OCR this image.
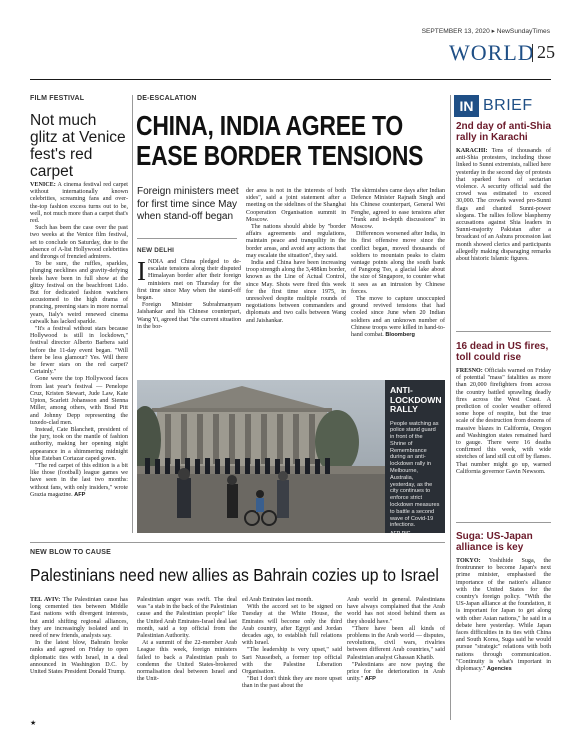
SEPTEMBER 13, 2020 ▸ NewSundayTimes
WORLD 25
FILM FESTIVAL
Not much glitz at Venice fest's red carpet

VENICE: A cinema festival red carpet without internationally known celebrities, screaming fans and over-the-top fashion excess turns out to be, well, not much more than a carpet that's red.

Such has been the case over the past two weeks at the Venice film festival, set to conclude on Saturday, due to the absence of A-list Hollywood celebrities and throngs of frenzied admirers.

To be sure, the ruffles, sparkles, plunging necklines and gravity-defying heels have been in full show at the glitzy festival on the beachfront Lido. But for dedicated fashion watchers accustomed to the high drama of prancing, preening stars in more normal years, Italy's weird renewed cinema catwalk has lacked sparkle.

"It's a festival without stars because Hollywood is still in lockdown," festival director Alberto Barbera said before the 11-day event began. "Will there be less glamour? Yes. Will there be fewer stars on the red carpet? Certainly."

Gone were the top Hollywood faces from last year's festival — Penelope Cruz, Kristen Stewart, Jude Law, Kate Upton, Scarlett Johansson and Sienna Miller, among others, with Brad Pitt and Johnny Depp representing the tuxedo-clad men.

Instead, Cate Blanchett, president of the jury, took on the mantle of fashion authority, making her opening night appearance in a shimmering midnight blue Esteban Cortazar caped gown.

"The red carpet of this edition is a bit like those (football) league games we have seen in the last two months: without fans, with only insiders," wrote Grazia magazine. AFP

DE-ESCALATION
CHINA, INDIA AGREE TO
EASE BORDER TENSIONS
Foreign ministers meet for first time since May when stand-off began
NEW DELHI

INDIA and China pledged to de-escalate tensions along their disputed Himalayan border after their foreign ministers met on Thursday for the first time since May when the stand-off began.

Foreign Minister Subrahmanyam Jaishankar and his Chinese counterpart, Wang Yi, agreed that "the current situation in the bor-

der area is not in the interests of both sides", said a joint statement after a meeting on the sidelines of the Shanghai Cooperation Organisation summit in Moscow.

The nations should abide by "border affairs agreements and regulations, maintain peace and tranquility in the border areas, and avoid any actions that may escalate the situation", they said.

India and China have been increasing troop strength along the 3,488km border, known as the Line of Actual Control, since May. Shots were fired this week for the first time since 1975, in unresolved despite multiple rounds of negotiations between commanders and diplomats and two calls between Wang and Jaishankar.

The skirmishes came days after Indian Defence Minister Rajnath Singh and his Chinese counterpart, General Wei Fenghe, agreed to ease tensions after "frank and in-depth discussions" in Moscow.

Differences worsened after India, in its first offensive move since the conflict began, moved thousands of soldiers to mountain peaks to claim vantage points along the south bank of Pangong Tso, a glacial lake about the size of Singapore, to counter what it sees as an intrusion by Chinese forces.

The move to capture unoccupied ground revived tensions that had cooled since June when 20 Indian soldiers and an unknown number of Chinese troops were killed in hand-to-hand combat. Bloomberg

ANTI-LOCKDOWN RALLY
People watching as police stand guard in front of the Shrine of Remembrance during an anti-lockdown rally in Melbourne, Australia, yesterday, as the city continues to enforce strict lockdown measures to battle a second wave of Covid-19 infections.
AFP PIC
NEW BLOW TO CAUSE
Palestinians need new allies as Bahrain cozies up to Israel

TEL AVIV: The Palestinian cause has long cemented ties between Middle East nations with divergent interests, but amid shifting regional alliances, they are increasingly isolated and in need of new friends, analysts say.

In the latest blow, Bahrain broke ranks and agreed on Friday to open diplomatic ties with Israel, in a deal announced in Washington D.C. by United States President Donald Trump.

Palestinian anger was swift. The deal was "a stab in the back of the Palestinian cause and the Palestinian people" like the United Arab Emirates-Israel deal last month, said a top official from the Palestinian Authority.

At a summit of the 22-member Arab League this week, foreign ministers failed to back a Palestinian push to condemn the United States-brokered normalisation deal between Israel and the Unit-

ed Arab Emirates last month.

With the accord set to be signed on Tuesday at the White House, the Emirates will become only the third Arab country, after Egypt and Jordan decades ago, to establish full relations with Israel.

"The leadership is very upset," said Sari Nusseibeh, a former top official with the Palestine Liberation Organisation.

"But I don't think they are more upset than in the past about the

Arab world in general. Palestinians have always complained that the Arab world has not stood behind them as they should have."

"There have been all kinds of problems in the Arab world — disputes, revolutions, civil wars, rivalries between different Arab countries," said Palestinian analyst Ghassan Khatib.

"Palestinians are now paying the price for the deterioration in Arab unity." AFP

★
IN BRIEF
2nd day of anti-Shia rally in Karachi

KARACHI: Tens of thousands of anti-Shia protesters, including those linked to Sunni extremists, rallied here yesterday in the second day of protests that sparked fears of sectarian violence. A security official said the crowd was estimated to exceed 30,000. The crowds waved pro-Sunni flags and chanted Sunni-power slogans. The rallies follow blasphemy accusations against Shia leaders in Sunni-majority Pakistan after a broadcast of an Ashura procession last month showed clerics and participants allegedly making disparaging remarks about historic Islamic figures.

16 dead in US fires, toll could rise

FRESNO: Officials warned on Friday of potential "mass" fatalities as more than 20,000 firefighters from across the country battled sprawling deadly fires across the West Coast. A prediction of cooler weather offered some hope of respite, but the true scale of the destruction from dozens of massive blazes in California, Oregon and Washington states remained hard to gauge. There were 16 deaths confirmed this week, with wide stretches of land still cut off by flames. That number might go up, warned California governor Gavin Newsom.

Suga: US-Japan alliance is key

TOKYO: Yoshihide Suga, the frontrunner to become Japan's next prime minister, emphasised the importance of the nation's alliance with the United States for the country's foreign policy. "With the US-Japan alliance at the foundation, it is important for Japan to get along with other Asian nations," he said in a debate here yesterday. While Japan faces difficulties in its ties with China and South Korea, Suga said he would pursue "strategic" relations with both nations through communication. "Continuity is what's important in diplomacy." Agencies
